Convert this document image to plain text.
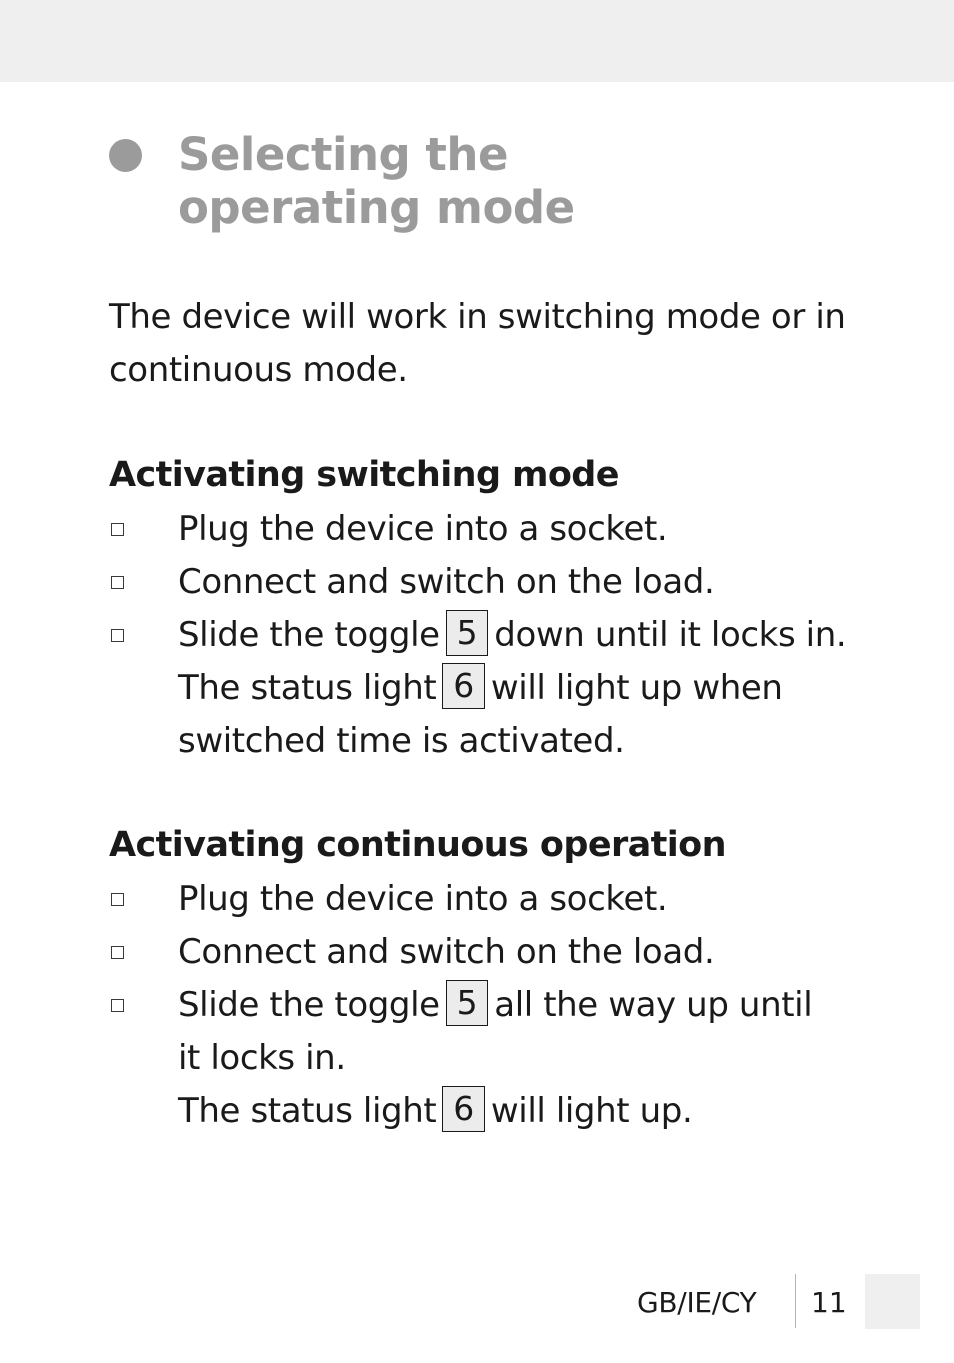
Selecting the
operating mode

The device will work in switching mode or in
continuous mode.

Activating switching mode
Plug the device into a socket.
Connect and switch on the load.
Slide the toggle 5 down until it locks in.
The status light 6 will light up when
switched time is activated.
Activating continuous operation
Plug the device into a socket.
Connect and switch on the load.
Slide the toggle 5 all the way up until
it locks in.
The status light 6 will light up.
GB/IE/CY 11
